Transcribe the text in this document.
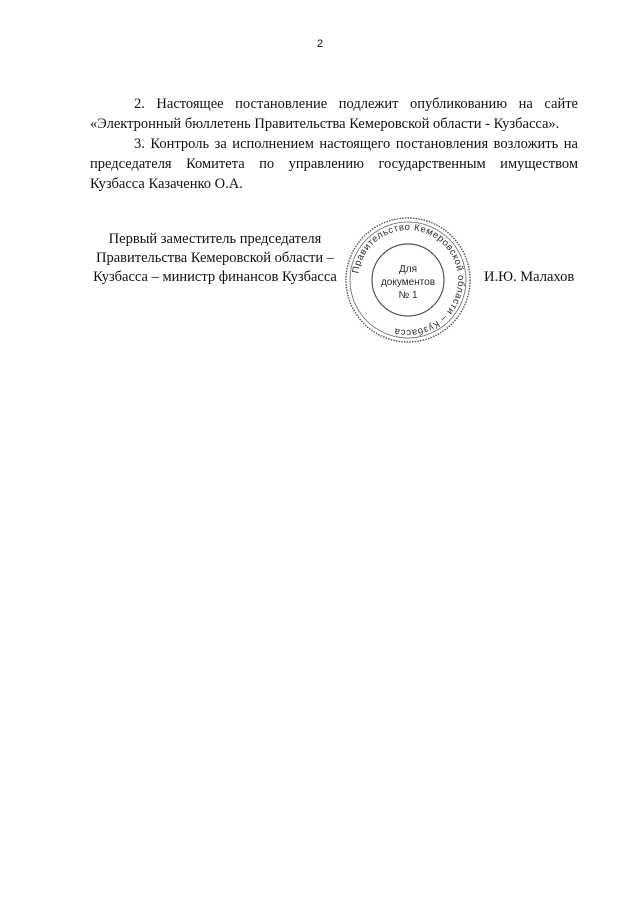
2

2. Настоящее постановление подлежит опубликованию на сайте «Электронный бюллетень Правительства Кемеровской области - Кузбасса».

3. Контроль за исполнением настоящего постановления возложить на председателя Комитета по управлению государственным имуществом Кузбасса Казаченко О.А.

Первый заместитель председателя
Правительства Кемеровской области –
Кузбасса – министр финансов Кузбасса	Правительство Кемеровской области – Кузбасса
Для
документов
№ 1
И.Ю. Малахов
